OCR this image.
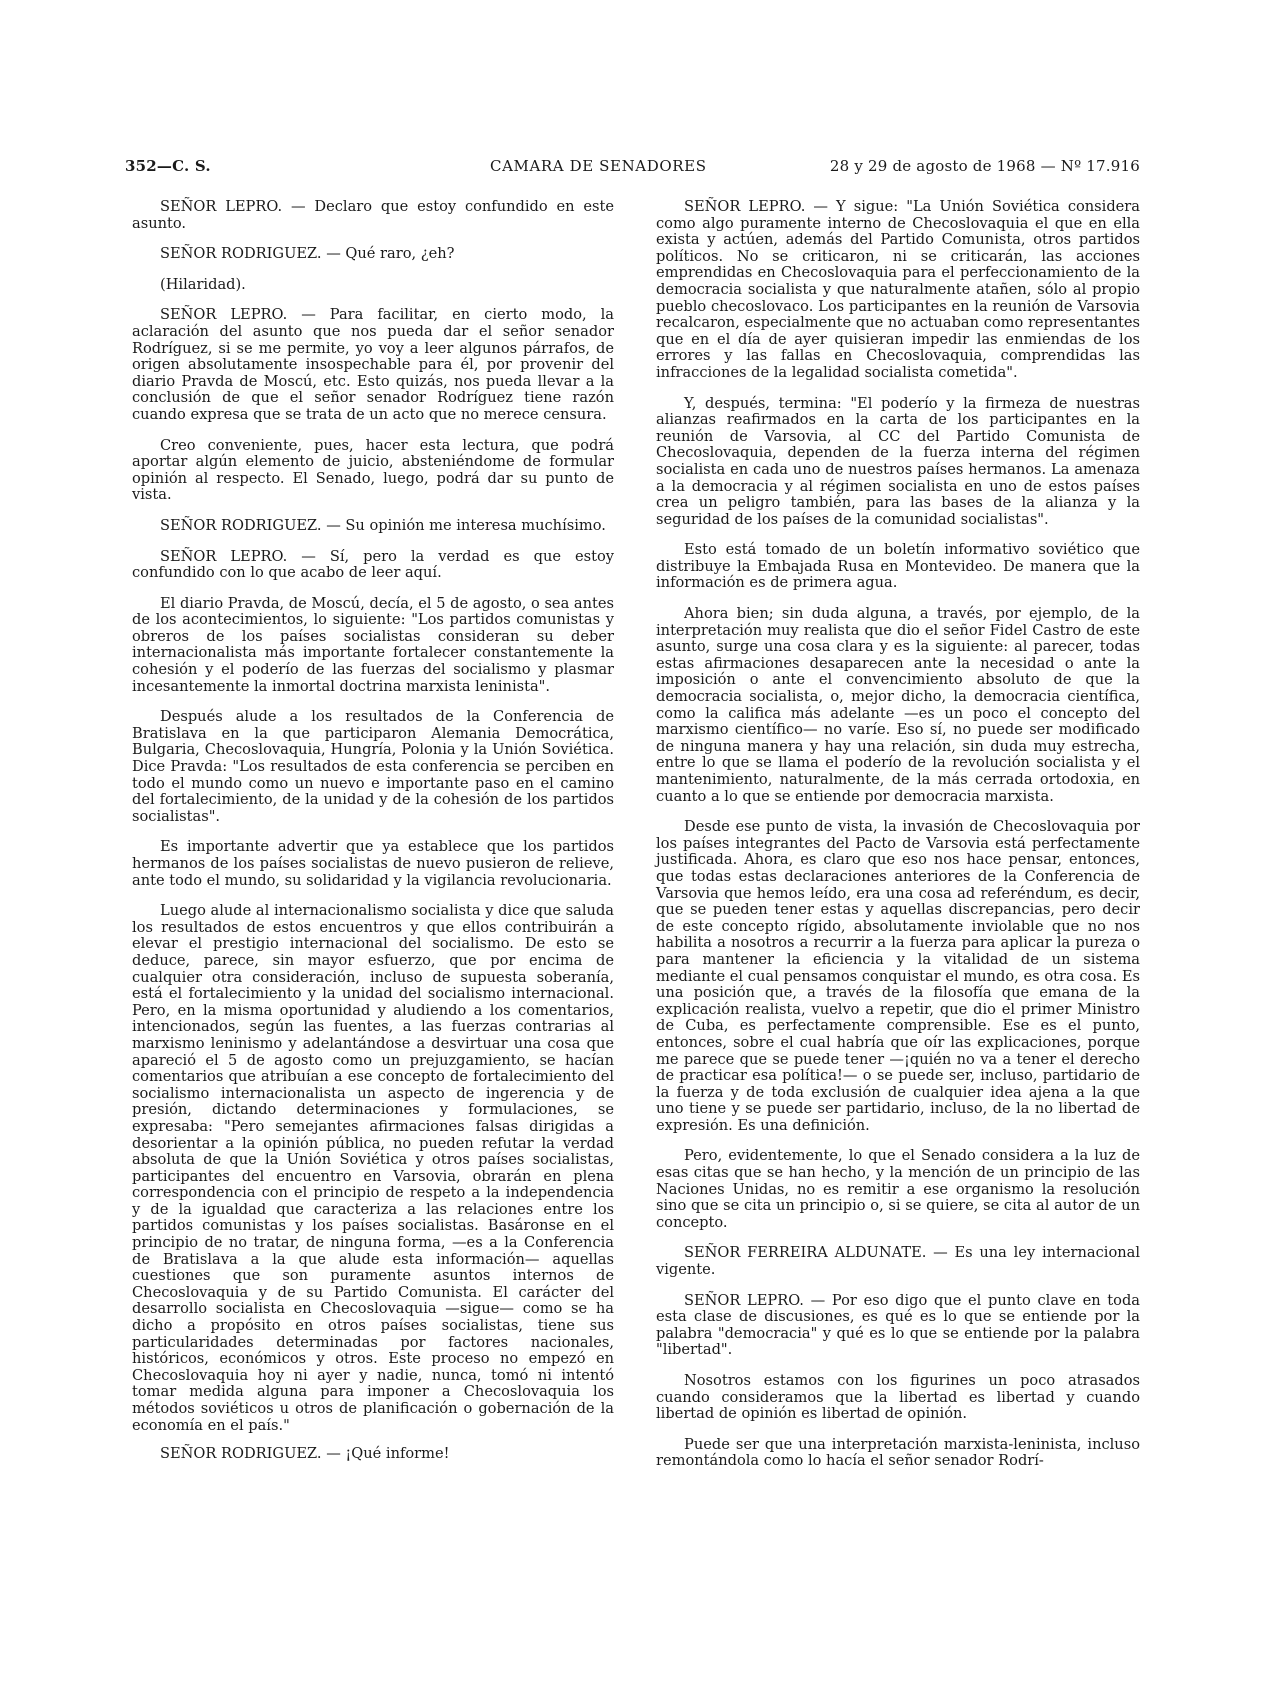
352—C. S.	CAMARA DE SENADORES	28 y 29 de agosto de 1968 — Nº 17.916

SEÑOR LEPRO. — Declaro que estoy confundido en este asunto.

SEÑOR RODRIGUEZ. — Qué raro, ¿eh?

(Hilaridad).

SEÑOR LEPRO. — Para facilitar, en cierto modo, la aclaración del asunto que nos pueda dar el señor senador Rodríguez, si se me permite, yo voy a leer algunos párrafos, de origen absolutamente insospechable para él, por provenir del diario Pravda de Moscú, etc. Esto quizás, nos pueda llevar a la conclusión de que el señor senador Rodríguez tiene razón cuando expresa que se trata de un acto que no merece censura.

Creo conveniente, pues, hacer esta lectura, que podrá aportar algún elemento de juicio, absteniéndome de formular opinión al respecto. El Senado, luego, podrá dar su punto de vista.

SEÑOR RODRIGUEZ. — Su opinión me interesa muchísimo.

SEÑOR LEPRO. — Sí, pero la verdad es que estoy confundido con lo que acabo de leer aquí.

El diario Pravda, de Moscú, decía, el 5 de agosto, o sea antes de los acontecimientos, lo siguiente: "Los partidos comunistas y obreros de los países socialistas consideran su deber internacionalista más importante fortalecer constantemente la cohesión y el poderío de las fuerzas del socialismo y plasmar incesantemente la inmortal doctrina marxista leninista".

Después alude a los resultados de la Conferencia de Bratislava en la que participaron Alemania Democrática, Bulgaria, Checoslovaquia, Hungría, Polonia y la Unión Soviética. Dice Pravda: "Los resultados de esta conferencia se perciben en todo el mundo como un nuevo e importante paso en el camino del fortalecimiento, de la unidad y de la cohesión de los partidos socialistas".

Es importante advertir que ya establece que los partidos hermanos de los países socialistas de nuevo pusieron de relieve, ante todo el mundo, su solidaridad y la vigilancia revolucionaria.

Luego alude al internacionalismo socialista y dice que saluda los resultados de estos encuentros y que ellos contribuirán a elevar el prestigio internacional del socialismo. De esto se deduce, parece, sin mayor esfuerzo, que por encima de cualquier otra consideración, incluso de supuesta soberanía, está el fortalecimiento y la unidad del socialismo internacional. Pero, en la misma oportunidad y aludiendo a los comentarios, intencionados, según las fuentes, a las fuerzas contrarias al marxismo leninismo y adelantándose a desvirtuar una cosa que apareció el 5 de agosto como un prejuzgamiento, se hacían comentarios que atribuían a ese concepto de fortalecimiento del socialismo internacionalista un aspecto de ingerencia y de presión, dictando determinaciones y formulaciones, se expresaba: "Pero semejantes afirmaciones falsas dirigidas a desorientar a la opinión pública, no pueden refutar la verdad absoluta de que la Unión Soviética y otros países socialistas, participantes del encuentro en Varsovia, obrarán en plena correspondencia con el principio de respeto a la independencia y de la igualdad que caracteriza a las relaciones entre los partidos comunistas y los países socialistas. Basáronse en el principio de no tratar, de ninguna forma, —es a la Conferencia de Bratislava a la que alude esta información— aquellas cuestiones que son puramente asuntos internos de Checoslovaquia y de su Partido Comunista. El carácter del desarrollo socialista en Checoslovaquia —sigue— como se ha dicho a propósito en otros países socialistas, tiene sus particularidades determinadas por factores nacionales, históricos, económicos y otros. Este proceso no empezó en Checoslovaquia hoy ni ayer y nadie, nunca, tomó ni intentó tomar medida alguna para imponer a Checoslovaquia los métodos soviéticos u otros de planificación o gobernación de la economía en el país."

SEÑOR RODRIGUEZ. — ¡Qué informe!

SEÑOR LEPRO. — Y sigue: "La Unión Soviética considera como algo puramente interno de Checoslovaquia el que en ella exista y actúen, además del Partido Comunista, otros partidos políticos. No se criticaron, ni se criticarán, las acciones emprendidas en Checoslovaquia para el perfeccionamiento de la democracia socialista y que naturalmente atañen, sólo al propio pueblo checoslovaco. Los participantes en la reunión de Varsovia recalcaron, especialmente que no actuaban como representantes que en el día de ayer quisieran impedir las enmiendas de los errores y las fallas en Checoslovaquia, comprendidas las infracciones de la legalidad socialista cometida".

Y, después, termina: "El poderío y la firmeza de nuestras alianzas reafirmados en la carta de los participantes en la reunión de Varsovia, al CC del Partido Comunista de Checoslovaquia, dependen de la fuerza interna del régimen socialista en cada uno de nuestros países hermanos. La amenaza a la democracia y al régimen socialista en uno de estos países crea un peligro también, para las bases de la alianza y la seguridad de los países de la comunidad socialistas".

Esto está tomado de un boletín informativo soviético que distribuye la Embajada Rusa en Montevideo. De manera que la información es de primera agua.

Ahora bien; sin duda alguna, a través, por ejemplo, de la interpretación muy realista que dio el señor Fidel Castro de este asunto, surge una cosa clara y es la siguiente: al parecer, todas estas afirmaciones desaparecen ante la necesidad o ante la imposición o ante el convencimiento absoluto de que la democracia socialista, o, mejor dicho, la democracia científica, como la califica más adelante —es un poco el concepto del marxismo científico— no varíe. Eso sí, no puede ser modificado de ninguna manera y hay una relación, sin duda muy estrecha, entre lo que se llama el poderío de la revolución socialista y el mantenimiento, naturalmente, de la más cerrada ortodoxia, en cuanto a lo que se entiende por democracia marxista.

Desde ese punto de vista, la invasión de Checoslovaquia por los países integrantes del Pacto de Varsovia está perfectamente justificada. Ahora, es claro que eso nos hace pensar, entonces, que todas estas declaraciones anteriores de la Conferencia de Varsovia que hemos leído, era una cosa ad referéndum, es decir, que se pueden tener estas y aquellas discrepancias, pero decir de este concepto rígido, absolutamente inviolable que no nos habilita a nosotros a recurrir a la fuerza para aplicar la pureza o para mantener la eficiencia y la vitalidad de un sistema mediante el cual pensamos conquistar el mundo, es otra cosa. Es una posición que, a través de la filosofía que emana de la explicación realista, vuelvo a repetir, que dio el primer Ministro de Cuba, es perfectamente comprensible. Ese es el punto, entonces, sobre el cual habría que oír las explicaciones, porque me parece que se puede tener —¡quién no va a tener el derecho de practicar esa política!— o se puede ser, incluso, partidario de la fuerza y de toda exclusión de cualquier idea ajena a la que uno tiene y se puede ser partidario, incluso, de la no libertad de expresión. Es una definición.

Pero, evidentemente, lo que el Senado considera a la luz de esas citas que se han hecho, y la mención de un principio de las Naciones Unidas, no es remitir a ese organismo la resolución sino que se cita un principio o, si se quiere, se cita al autor de un concepto.

SEÑOR FERREIRA ALDUNATE. — Es una ley internacional vigente.

SEÑOR LEPRO. — Por eso digo que el punto clave en toda esta clase de discusiones, es qué es lo que se entiende por la palabra "democracia" y qué es lo que se entiende por la palabra "libertad".

Nosotros estamos con los figurines un poco atrasados cuando consideramos que la libertad es libertad y cuando libertad de opinión es libertad de opinión.

Puede ser que una interpretación marxista-leninista, incluso remontándola como lo hacía el señor senador Rodrí-
